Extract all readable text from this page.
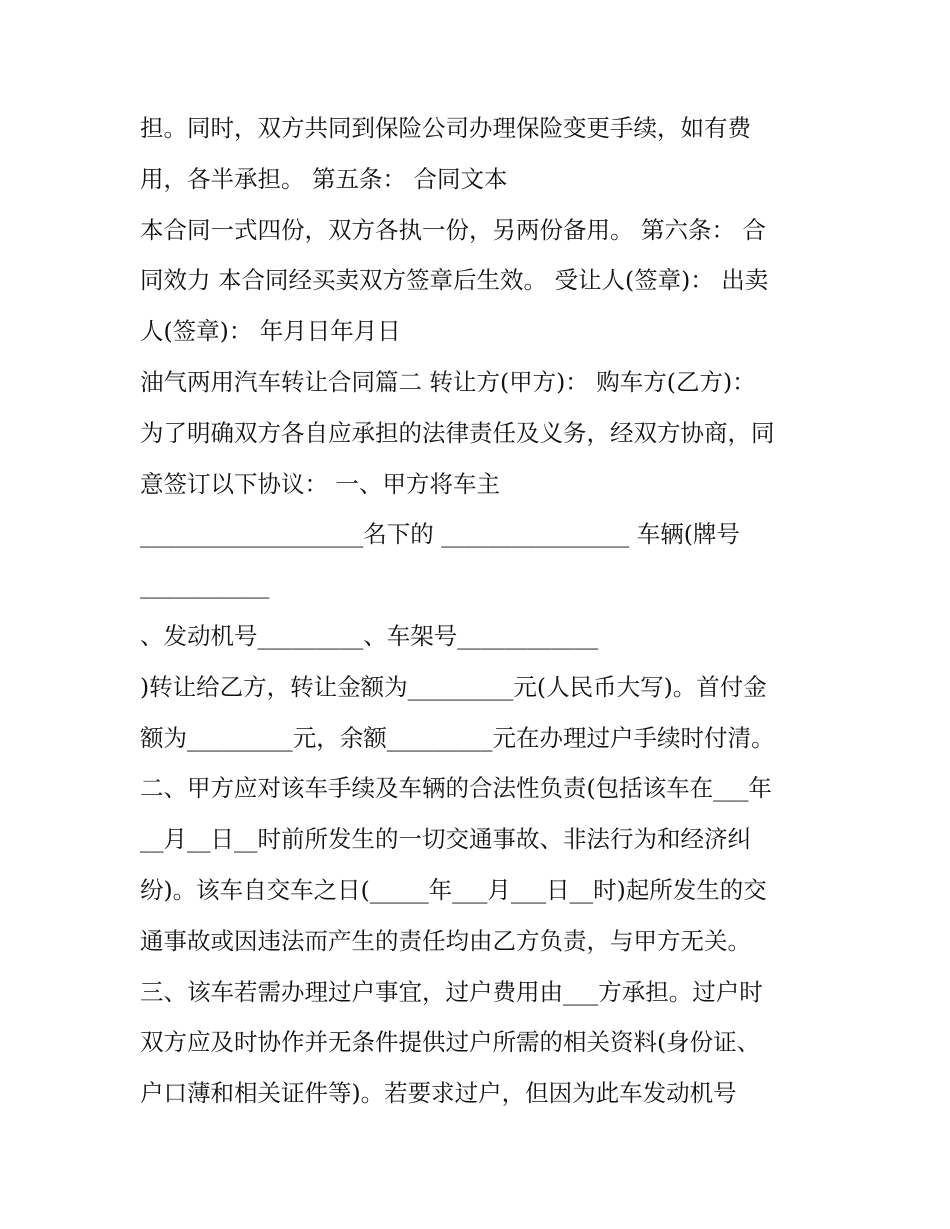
担。同时，双方共同到保险公司办理保险变更手续，如有费
用，各半承担。 第五条： 合同文本
本合同一式四份，双方各执一份，另两份备用。 第六条： 合
同效力 本合同经买卖双方签章后生效。 受让人(签章)： 出卖
人(签章)： 年月日年月日
油气两用汽车转让合同篇二 转让方(甲方)： 购车方(乙方)：
为了明确双方各自应承担的法律责任及义务，经双方协商，同
意签订以下协议： 一、甲方将车主
___________________名下的 ________________ 车辆(牌号
___________
、发动机号_________、车架号____________
)转让给乙方，转让金额为_________元(人民币大写)。首付金
额为_________元，余额_________元在办理过户手续时付清。
二、甲方应对该车手续及车辆的合法性负责(包括该车在___年
__月__日__时前所发生的一切交通事故、非法行为和经济纠
纷)。该车自交车之日(_____年___月___日__时)起所发生的交
通事故或因违法而产生的责任均由乙方负责，与甲方无关。
三、该车若需办理过户事宜，过户费用由___方承担。过户时
双方应及时协作并无条件提供过户所需的相关资料(身份证、
户口薄和相关证件等)。若要求过户，但因为此车发动机号
